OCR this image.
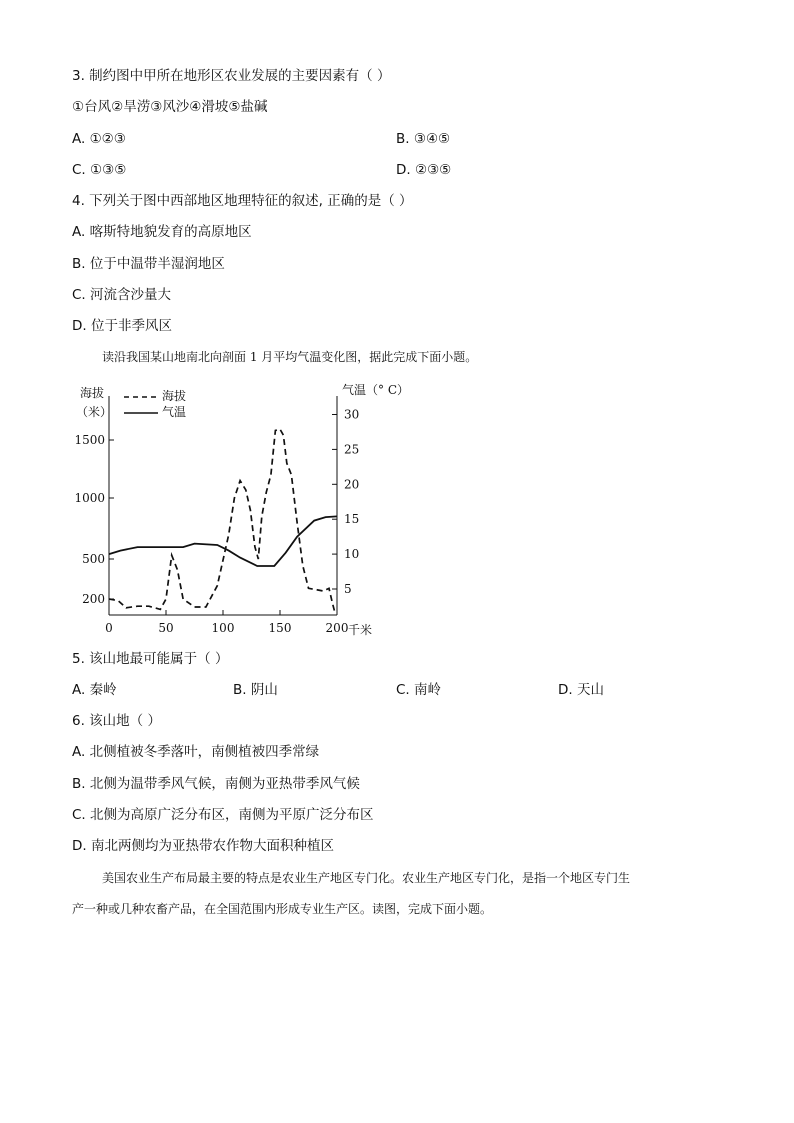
3. 制约图中甲所在地形区农业发展的主要因素有（ ）
①台风②旱涝③风沙④滑坡⑤盐碱
A. ①②③	B. ③④⑤
C. ①③⑤	D. ②③⑤
4. 下列关于图中西部地区地理特征的叙述, 正确的是（ ）
A. 喀斯特地貌发育的高原地区
B. 位于中温带半湿润地区
C. 河流含沙量大
D. 位于非季风区
读沿我国某山地南北向剖面 1 月平均气温变化图，据此完成下面小题。
海拔
（米）
气温（° C）
海拔
气温
0	50	100	150	200
200
500
1000
1500
5
10
15
20
25
30
千米
5. 该山地最可能属于（ ）
A. 秦岭	B. 阴山	C. 南岭	D. 天山
6. 该山地（ ）
A. 北侧植被冬季落叶，南侧植被四季常绿
B. 北侧为温带季风气候，南侧为亚热带季风气候
C. 北侧为高原广泛分布区，南侧为平原广泛分布区
D. 南北两侧均为亚热带农作物大面积种植区
美国农业生产布局最主要的特点是农业生产地区专门化。农业生产地区专门化，是指一个地区专门生
产一种或几种农畜产品，在全国范围内形成专业生产区。读图，完成下面小题。
